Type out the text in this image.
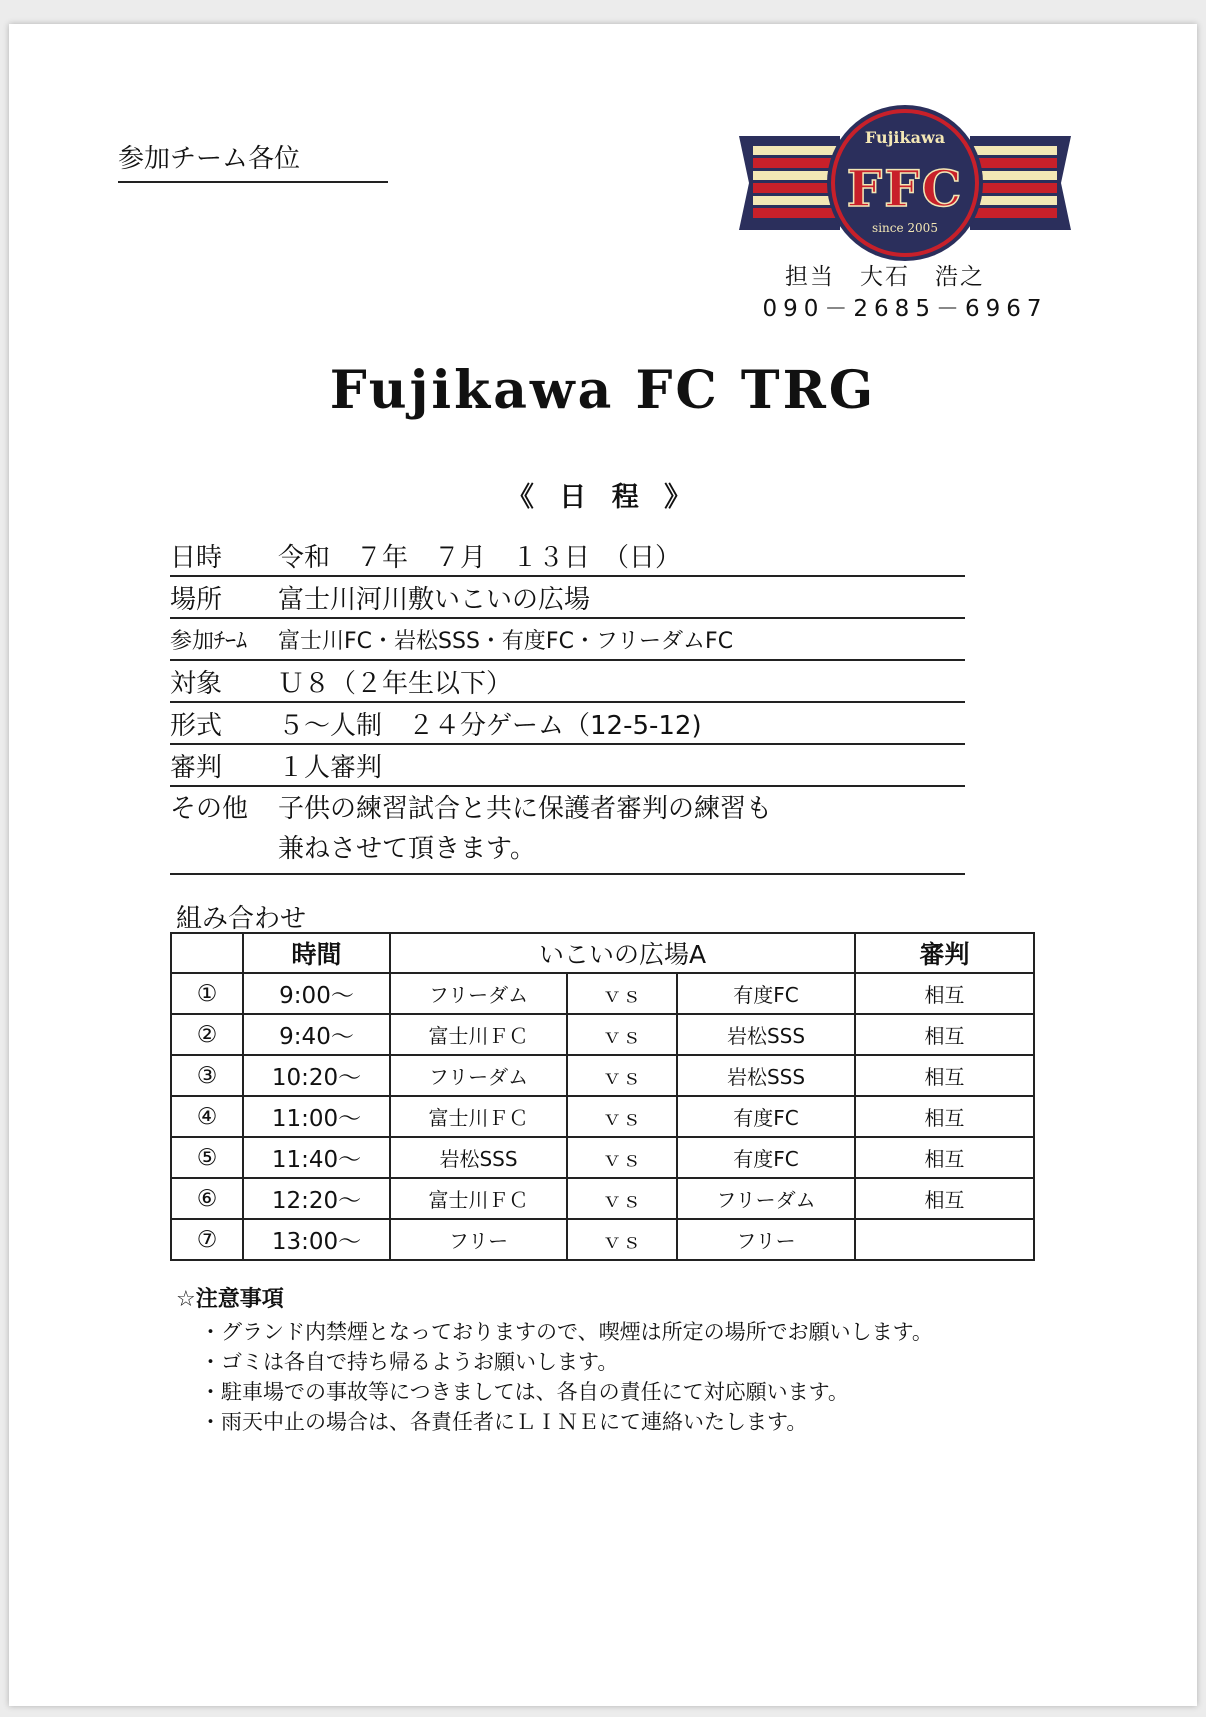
参加チーム各位
Fujikawa
FFC
since 2005
担当　大石　浩之
090－2685－6967
Fujikawa FC TRG
《 日 程 》
日時	令和　７年　７月　１３日　（日）
場所	富士川河川敷いこいの広場
参加ﾁｰﾑ	富士川FC・岩松SSS・有度FC・フリーダムFC
対象	Ｕ８（２年生以下）
形式	５～人制　２４分ゲーム（12-5-12)
審判	１人審判
その他	子供の練習試合と共に保護者審判の練習も
兼ねさせて頂きます。
組み合わせ
	時間	いこいの広場A			審判
①	9:00～	フリーダム	ｖｓ	有度FC	相互
②	9:40～	富士川ＦＣ	ｖｓ	岩松SSS	相互
③	10:20～	フリーダム	ｖｓ	岩松SSS	相互
④	11:00～	富士川ＦＣ	ｖｓ	有度FC	相互
⑤	11:40～	岩松SSS	ｖｓ	有度FC	相互
⑥	12:20～	富士川ＦＣ	ｖｓ	フリーダム	相互
⑦	13:00～	フリー	ｖｓ	フリー	
☆注意事項
・ グランド内禁煙となっておりますので、喫煙は所定の場所でお願いします。
・ ゴミは各自で持ち帰るようお願いします。
・ 駐車場での事故等につきましては、各自の責任にて対応願います。
・ 雨天中止の場合は、各責任者にＬＩＮＥにて連絡いたします。
